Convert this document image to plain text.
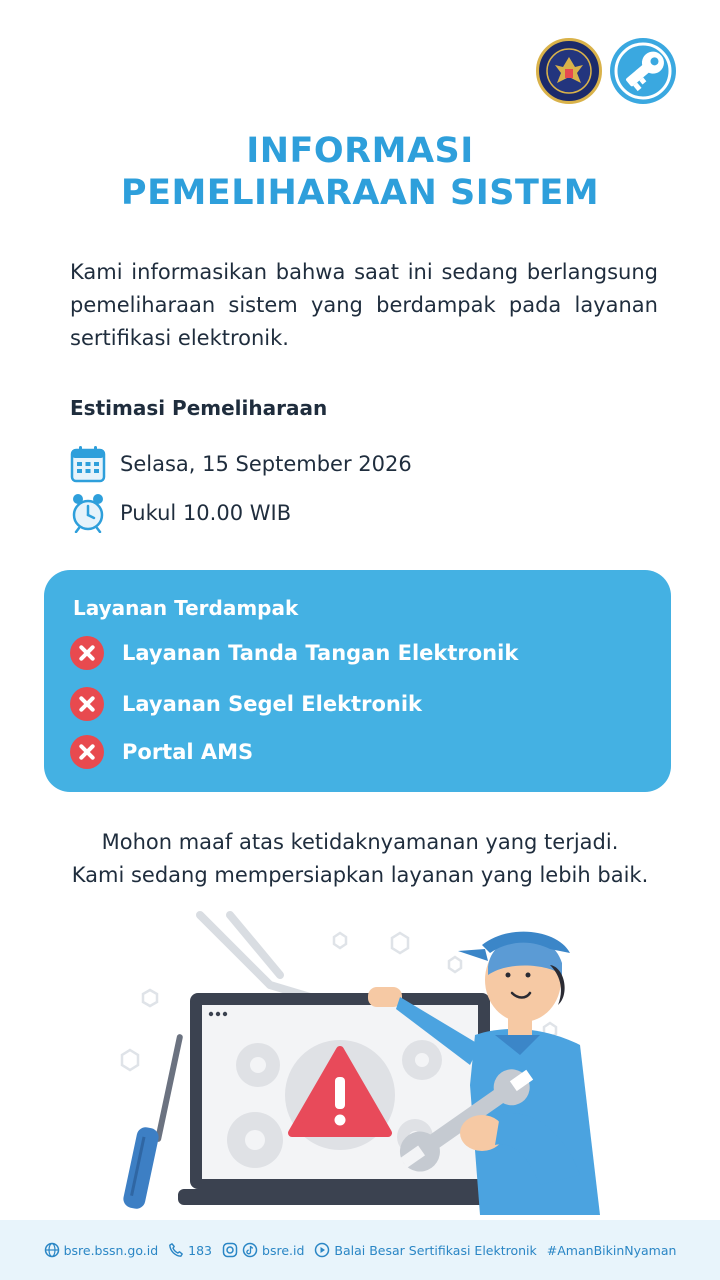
INFORMASI
PEMELIHARAAN SISTEM

Kami informasikan bahwa saat ini sedang berlangsung pemeliharaan sistem yang berdampak pada layanan sertifikasi elektronik.

Estimasi Pemeliharaan
Selasa, 15 September 2026
Pukul 10.00 WIB
Layanan Terdampak
Layanan Tanda Tangan Elektronik
Layanan Segel Elektronik
Portal AMS

Mohon maaf atas ketidaknyamanan yang terjadi.
Kami sedang mempersiapkan layanan yang lebih baik.

bsre.bssn.go.id 183	bsre.id Balai Besar Sertifikasi Elektronik #AmanBikinNyaman
